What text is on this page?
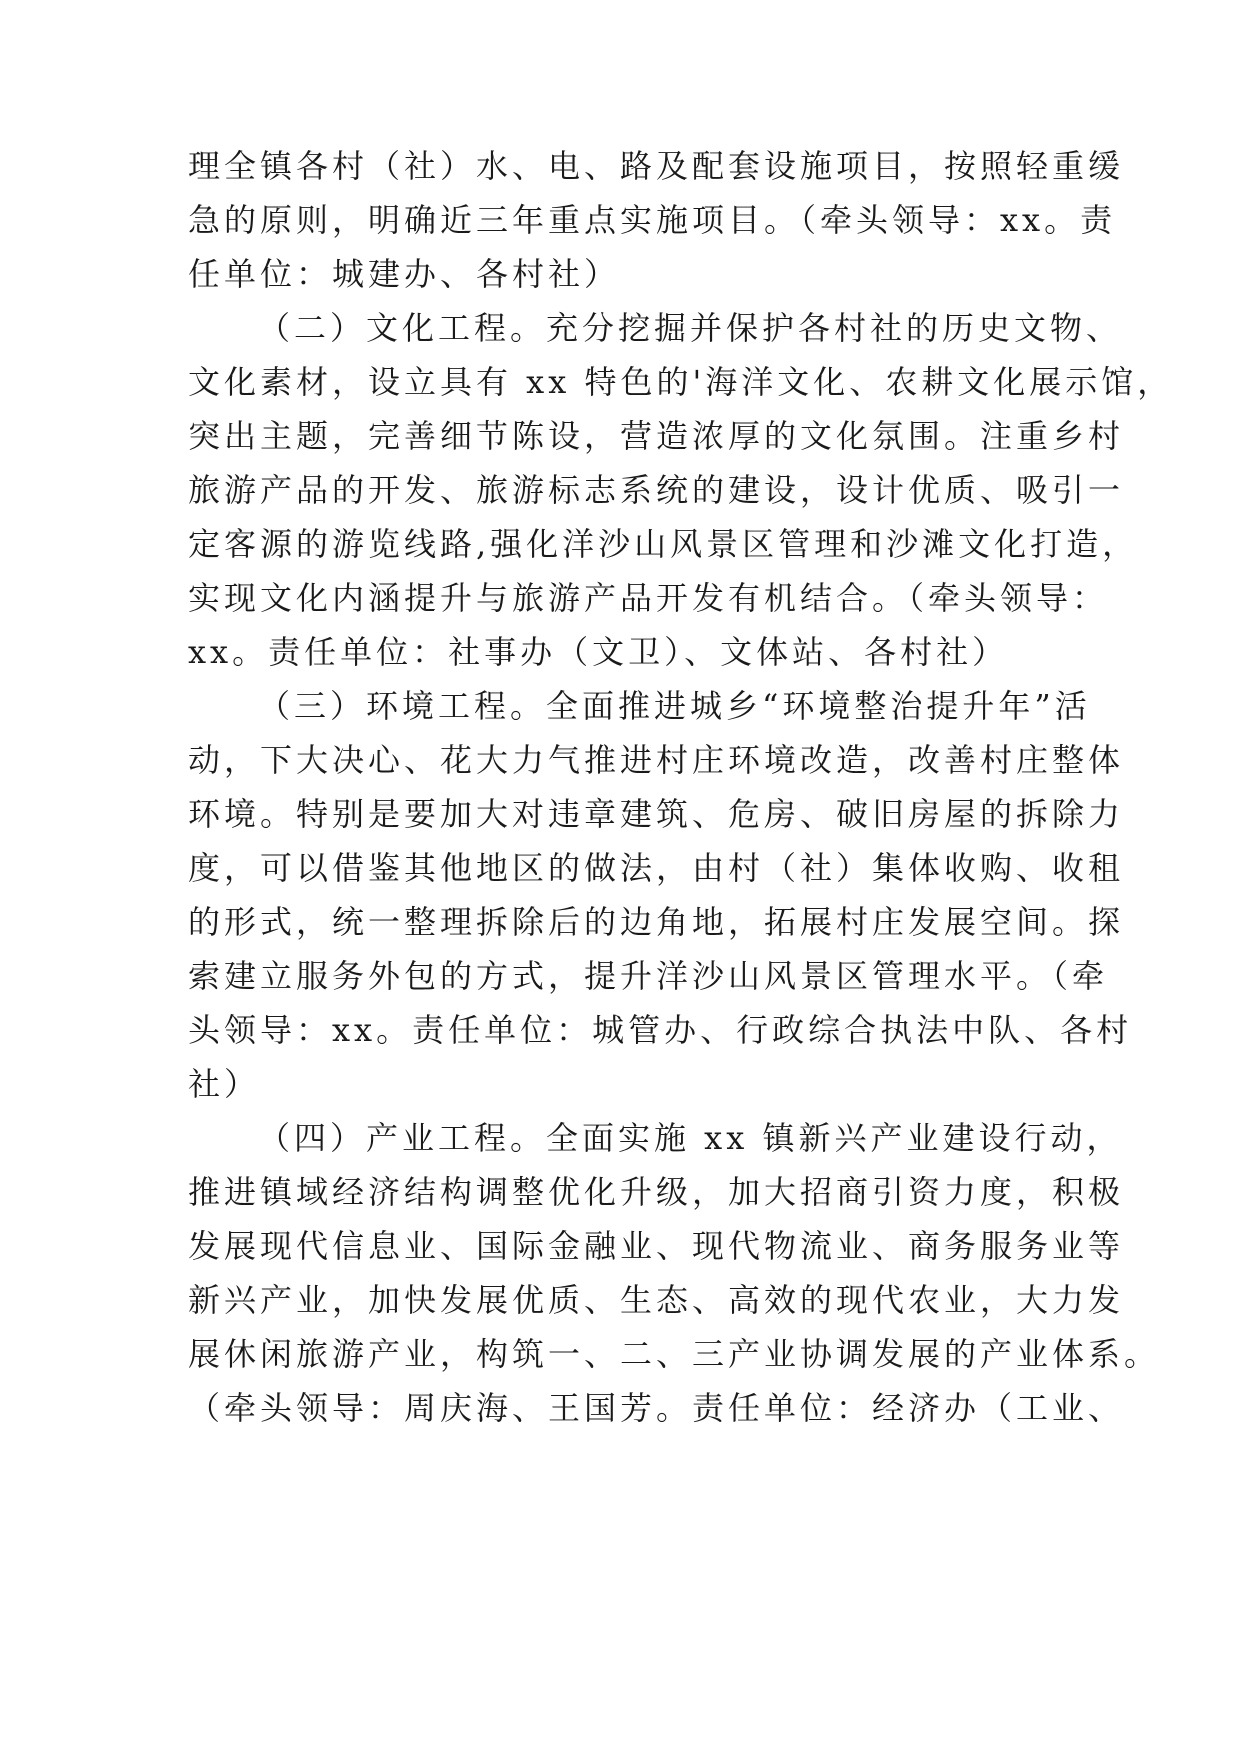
理全镇各村（社）水、电、路及配套设施项目，按照轻重缓
急的原则，明确近三年重点实施项目。（牵头领导：xx。责
任单位：城建办、各村社）
（二）文化工程。充分挖掘并保护各村社的历史文物、
文化素材，设立具有 xx 特色的'海洋文化、农耕文化展示馆，
突出主题，完善细节陈设，营造浓厚的文化氛围。注重乡村
旅游产品的开发、旅游标志系统的建设，设计优质、吸引一
定客源的游览线路,强化洋沙山风景区管理和沙滩文化打造，
实现文化内涵提升与旅游产品开发有机结合。（牵头领导：
xx。责任单位：社事办（文卫）、文体站、各村社）
（三）环境工程。全面推进城乡“环境整治提升年”活
动，下大决心、花大力气推进村庄环境改造，改善村庄整体
环境。特别是要加大对违章建筑、危房、破旧房屋的拆除力
度，可以借鉴其他地区的做法，由村（社）集体收购、收租
的形式，统一整理拆除后的边角地，拓展村庄发展空间。探
索建立服务外包的方式，提升洋沙山风景区管理水平。（牵
头领导：xx。责任单位：城管办、行政综合执法中队、各村
社）
（四）产业工程。全面实施 xx 镇新兴产业建设行动，
推进镇域经济结构调整优化升级，加大招商引资力度，积极
发展现代信息业、国际金融业、现代物流业、商务服务业等
新兴产业，加快发展优质、生态、高效的现代农业，大力发
展休闲旅游产业，构筑一、二、三产业协调发展的产业体系。
（牵头领导：周庆海、王国芳。责任单位：经济办（工业、
